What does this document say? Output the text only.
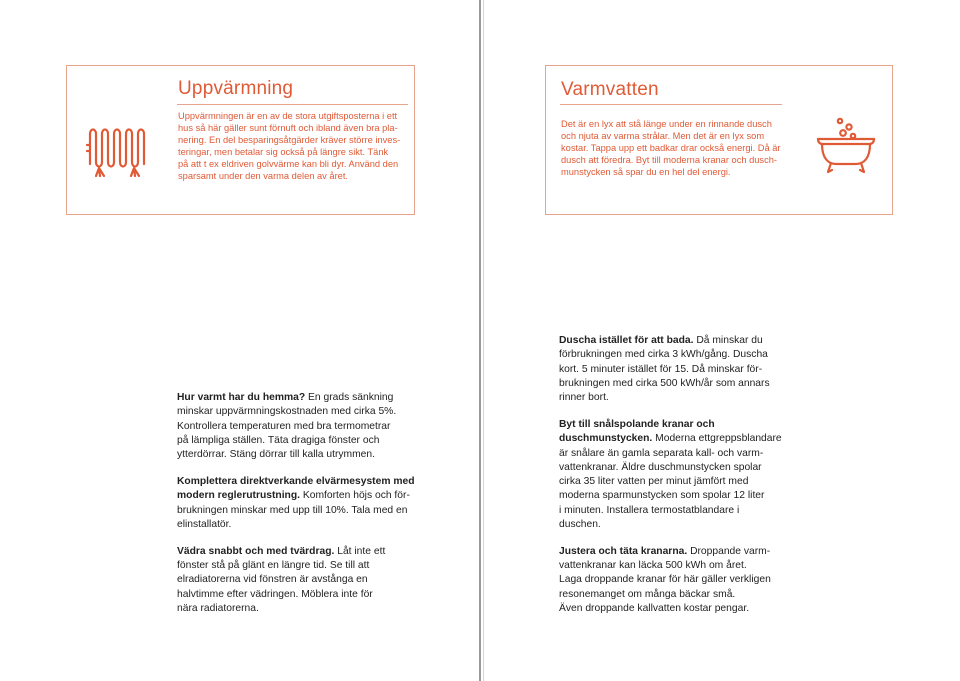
Uppvärmning
Uppvärmningen är en av de stora utgiftsposterna i ett
hus så här gäller sunt förnuft och ibland även bra pla-
nering. En del besparingsåtgärder kräver större inves-
teringar, men betalar sig också på längre sikt. Tänk
på att t ex eldriven golvvärme kan bli dyr. Använd den
sparsamt under den varma delen av året.
Varmvatten
Det är en lyx att stå länge under en rinnande dusch
och njuta av varma strålar. Men det är en lyx som
kostar. Tappa upp ett badkar drar också energi. Då är
dusch att föredra. Byt till moderna kranar och dusch-
munstycken så spar du en hel del energi.
Hur varmt har du hemma? En grads sänkning
minskar uppvärmningskostnaden med cirka 5%.
Kontrollera temperaturen med bra termometrar
på lämpliga ställen. Täta dragiga fönster och
ytterdörrar. Stäng dörrar till kalla utrymmen.
Komplettera direktverkande elvärmesystem med
modern reglerutrustning. Komforten höjs och för-
brukningen minskar med upp till 10%. Tala med en
elinstallatör.
Vädra snabbt och med tvärdrag. Låt inte ett
fönster stå på glänt en längre tid. Se till att
elradiatorerna vid fönstren är avstånga en
halvtimme efter vädringen. Möblera inte för
nära radiatorerna.
Duscha istället för att bada. Då minskar du
förbrukningen med cirka 3 kWh/gång. Duscha
kort. 5 minuter istället för 15. Då minskar för-
brukningen med cirka 500 kWh/år som annars
rinner bort.
Byt till snålspolande kranar och
duschmunstycken. Moderna ettgreppsblandare
är snålare än gamla separata kall- och varm-
vattenkranar. Äldre duschmunstycken spolar
cirka 35 liter vatten per minut jämfört med
moderna sparmunstycken som spolar 12 liter
i minuten. Installera termostatblandare i
duschen.
Justera och täta kranarna. Droppande varm-
vattenkranar kan läcka 500 kWh om året.
Laga droppande kranar för här gäller verkligen
resonemanget om många bäckar små.
Även droppande kallvatten kostar pengar.
